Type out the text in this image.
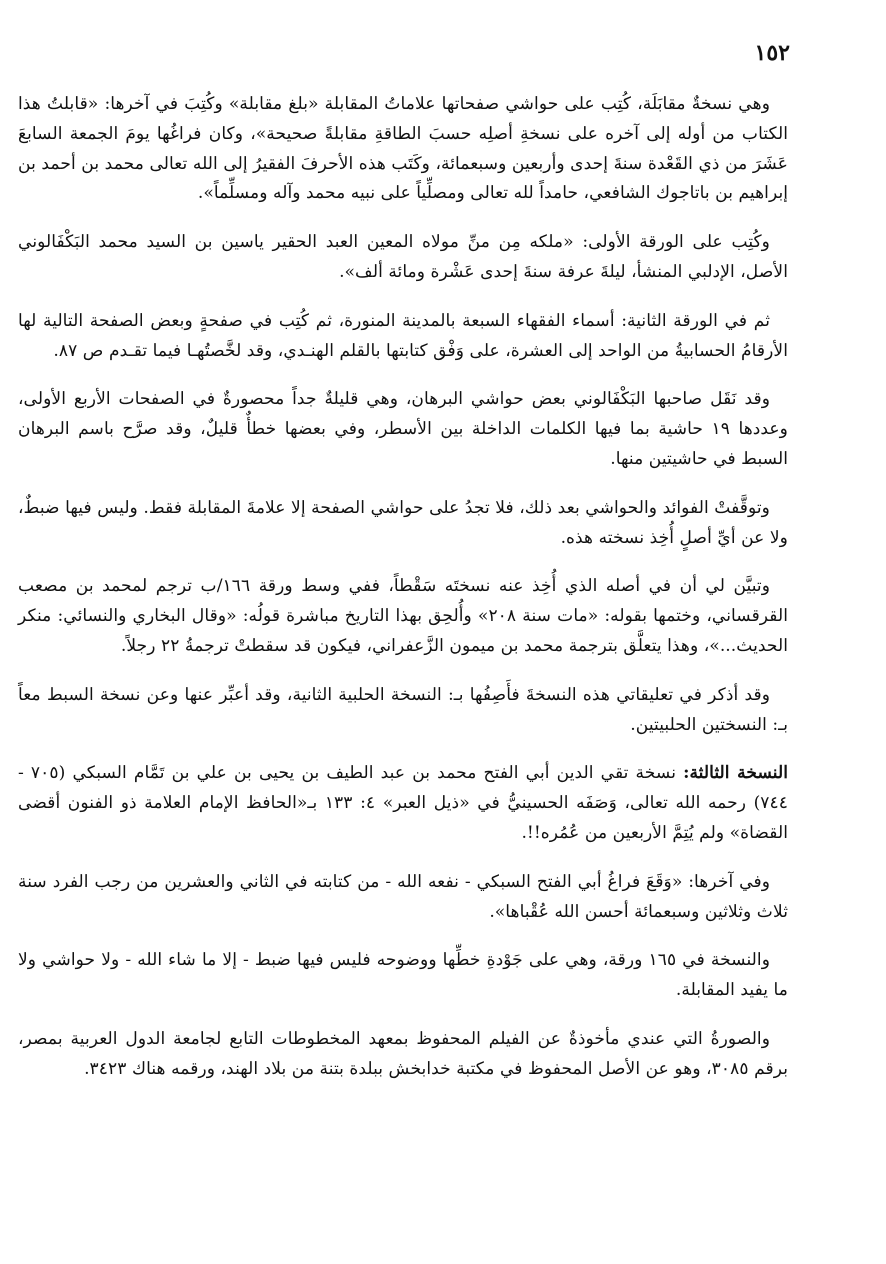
١٥٢

وهي نسخةٌ مقابَلَة، كُتِب على حواشي صفحاتها علاماتُ المقابلة «بلغ مقابلة» وكُتِبَ في آخرها: «قابلتُ هذا الكتاب من أوله إلى آخره على نسخةِ أصلِه حسبَ الطاقةِ مقابلةً صحيحة»، وكان فراغُها يومَ الجمعة السابعَ عَشَرَ من ذي القَعْدة سنةَ إحدى وأربعين وسبعمائة، وكَتَب هذه الأحرفَ الفقيرُ إلى الله تعالى محمد بن أحمد بن إبراهيم بن باتاجوك الشافعي، حامداً لله تعالى ومصلِّياً على نبيه محمد وآله ومسلِّماً».

وكُتِب على الورقة الأولى: «ملكه مِن منِّ مولاه المعين العبد الحقير ياسين بن السيد محمد البَكْفَالوني الأصل، الإدلبي المنشأ، ليلةَ عرفة سنةَ إحدى عَشْرة ومائة ألف».

ثم في الورقة الثانية: أسماء الفقهاء السبعة بالمدينة المنورة، ثم كُتِب في صفحةٍ وبعض الصفحة التالية لها الأرقامُ الحسابيةُ من الواحد إلى العشرة، على وَفْق كتابتها بالقلم الهنـدي، وقد لخَّصتُهـا فيما تقـدم ص ٨٧.

وقد نَقَل صاحبها البَكْفَالوني بعض حواشي البرهان، وهي قليلةٌ جداً محصورةٌ في الصفحات الأربع الأولى، وعددها ١٩ حاشية بما فيها الكلمات الداخلة بين الأسطر، وفي بعضها خطأٌ قليلٌ، وقد صرَّح باسم البرهان السبط في حاشيتين منها.

وتوقَّفتْ الفوائد والحواشي بعد ذلك، فلا تجدُ على حواشي الصفحة إلا علامةَ المقابلة فقط. وليس فيها ضبطٌ، ولا عن أيِّ أصلٍ أُخِذ نسخته هذه.

وتبيَّن لي أن في أصله الذي أُخِذ عنه نسختَه سَقْطاً، ففي وسط ورقة ١٦٦/ب ترجم لمحمد بن مصعب القرقساني، وختمها بقوله: «مات سنة ٢٠٨» وأُلحِق بهذا التاريخ مباشرة قولُه: «وقال البخاري والنسائي: منكر الحديث...»، وهذا يتعلَّق بترجمة محمد بن ميمون الزَّعفراني، فيكون قد سقطتْ ترجمةُ ٢٢ رجلاً.

وقد أذكر في تعليقاتي هذه النسخةَ فأَصِفُها بـ: النسخة الحلبية الثانية، وقد أعبِّر عنها وعن نسخة السبط معاً بـ: النسختين الحلبيتين.

النسخة الثالثة: نسخة تقي الدين أبي الفتح محمد بن عبد الطيف بن يحيى بن علي بن تَمَّام السبكي (٧٠٥ - ٧٤٤) رحمه الله تعالى، وَصَفَه الحسينيُّ في «ذيل العبر» ٤: ١٣٣ بـ«الحافظ الإمام العلامة ذو الفنون أقضى القضاة» ولم يُتِمَّ الأربعين من عُمُره!!.

وفي آخرها: «وَقَعَ فراغُ أبي الفتح السبكي - نفعه الله - من كتابته في الثاني والعشرين من رجب الفرد سنة ثلاث وثلاثين وسبعمائة أحسن الله عُقْباها».

والنسخة في ١٦٥ ورقة، وهي على جَوْدةِ خطِّها ووضوحه فليس فيها ضبط - إلا ما شاء الله - ولا حواشي ولا ما يفيد المقابلة.

والصورةُ التي عندي مأخوذةٌ عن الفيلم المحفوظ بمعهد المخطوطات التابع لجامعة الدول العربية بمصر، برقم ٣٠٨٥، وهو عن الأصل المحفوظ في مكتبة خدابخش ببلدة بتنة من بلاد الهند، ورقمه هناك ٣٤٢٣.
